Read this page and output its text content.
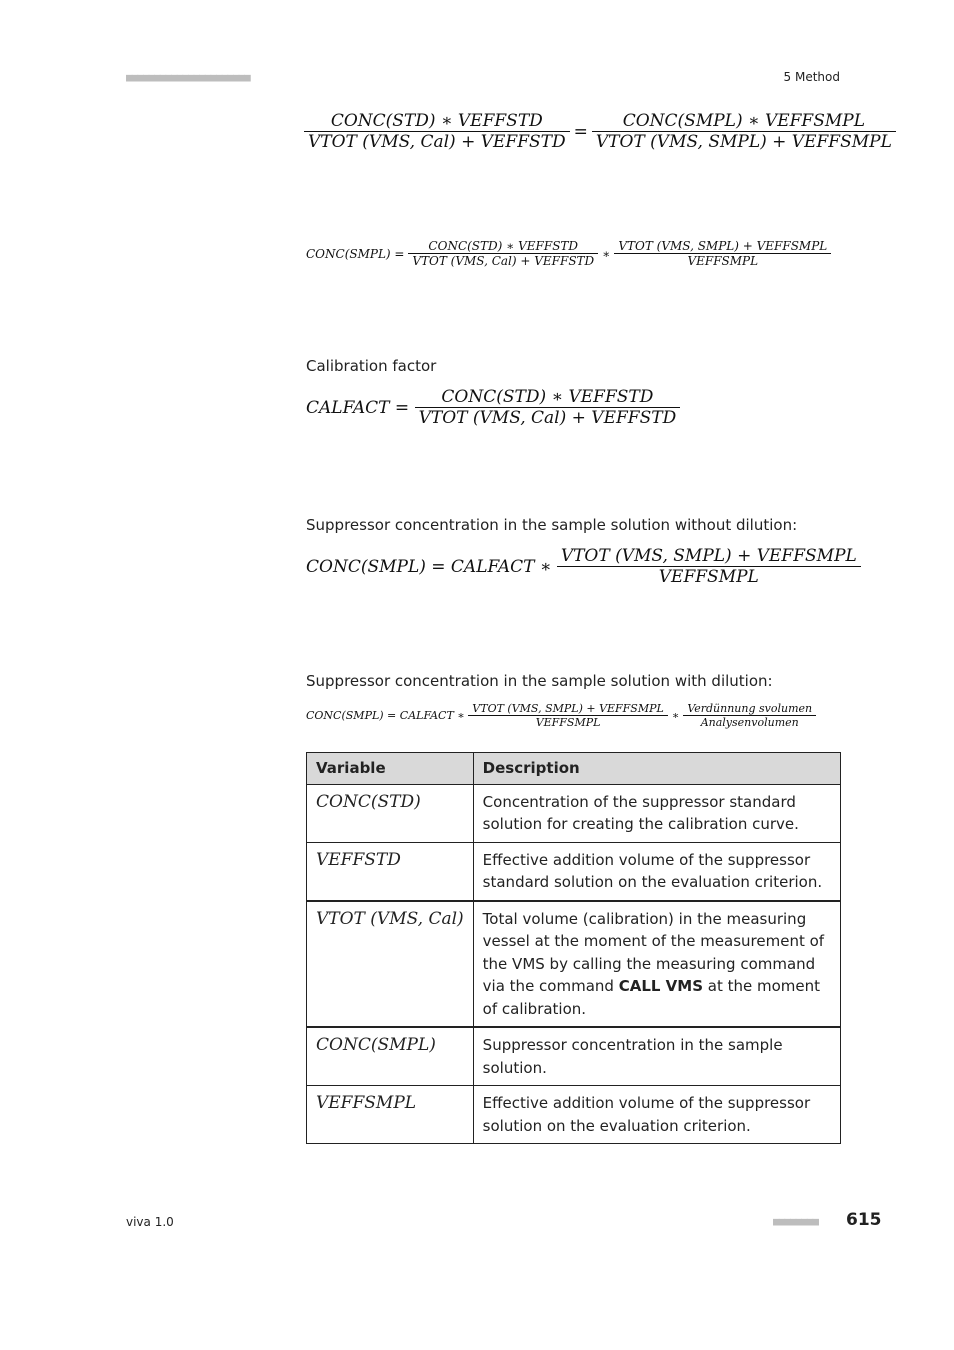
■■■■■■■■■■■■■■■■■■■■■■	5 Method
$\frac{\text{CONC(STD) ∗ VEFFSTD}}{\text{VTOT (VMS, Cal) + VEFFSTD}} = \frac{\text{CONC(SMPL) ∗ VEFFSMPL}}{\text{VTOT (VMS, SMPL) + VEFFSMPL}}$
CONC(SMPL) = $\frac{\text{CONC(STD) ∗ VEFFSTD}}{\text{VTOT (VMS, Cal) + VEFFSTD}}$ ∗ $\frac{\text{VTOT (VMS, SMPL) + VEFFSMPL}}{\text{VEFFSMPL}}$
Calibration factor
CALFACT = $\frac{\text{CONC(STD) ∗ VEFFSTD}}{\text{VTOT (VMS, Cal) + VEFFSTD}}$
Suppressor concentration in the sample solution without dilution:
CONC(SMPL) = CALFACT ∗ $\frac{\text{VTOT (VMS, SMPL) + VEFFSMPL}}{\text{VEFFSMPL}}$
Suppressor concentration in the sample solution with dilution:
CONC(SMPL) = CALFACT ∗ $\frac{\text{VTOT (VMS, SMPL) + VEFFSMPL}}{\text{VEFFSMPL}}$ ∗ $\frac{\text{Verdünnung svolumen}}{\text{Analysenvolumen}}$
Variable	Description
CONC(STD)	Concentration of the suppressor standard solution for creating the calibration curve.
VEFFSTD	Effective addition volume of the suppressor standard solution on the evaluation criterion.
VTOT (VMS, Cal)	Total volume (calibration) in the measuring vessel at the moment of the measurement of the VMS by calling the measuring command via the command CALL VMS at the moment of calibration.
CONC(SMPL)	Suppressor concentration in the sample solution.
VEFFSMPL	Effective addition volume of the suppressor solution on the evaluation criterion.
viva 1.0	■■■■■■■■ 615
